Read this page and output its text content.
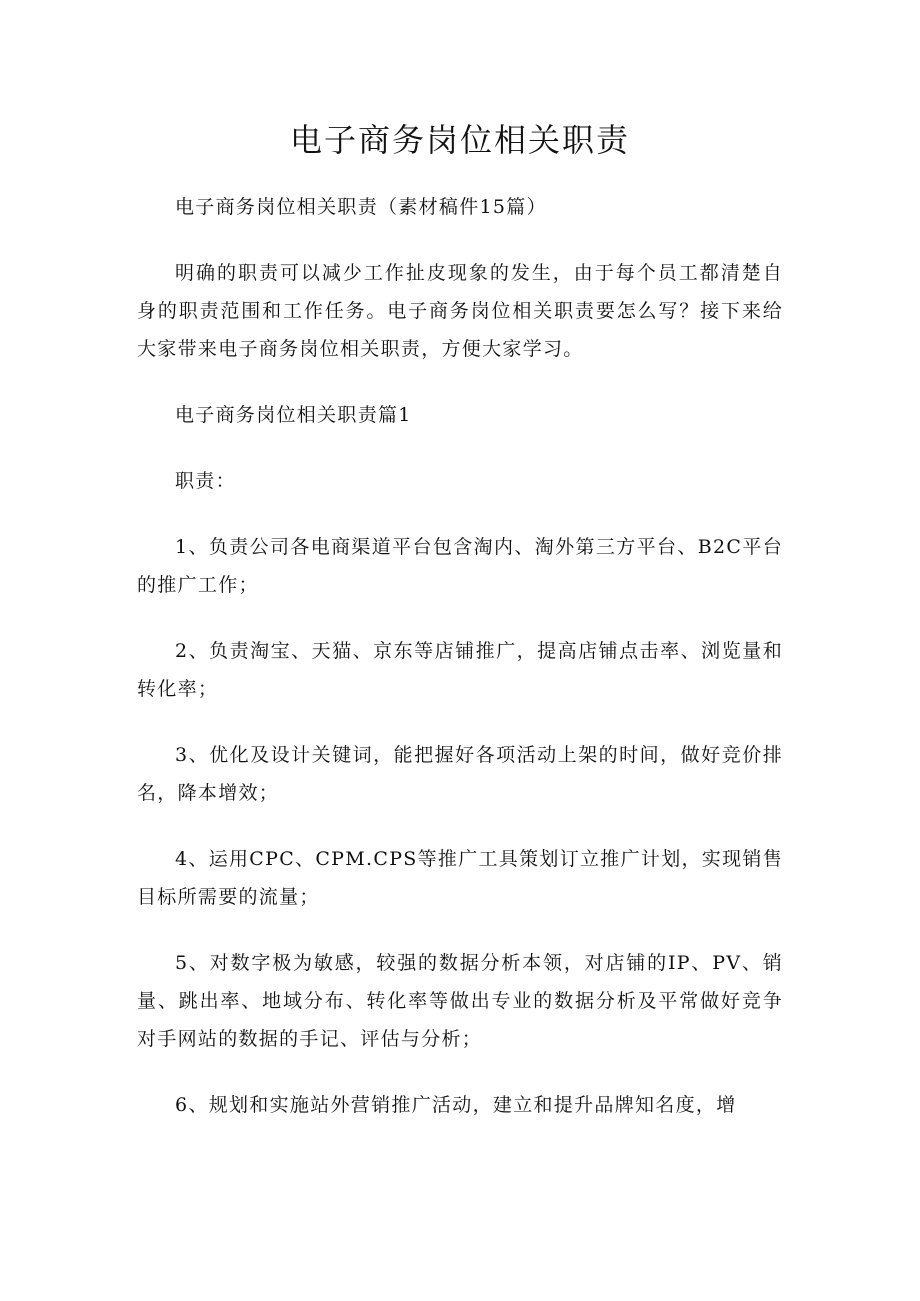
电子商务岗位相关职责

电子商务岗位相关职责（素材稿件15篇）

明确的职责可以减少工作扯皮现象的发生，由于每个员工都清楚自身的职责范围和工作任务。电子商务岗位相关职责要怎么写？接下来给大家带来电子商务岗位相关职责，方便大家学习。

电子商务岗位相关职责篇1

职责：

1、负责公司各电商渠道平台包含淘内、淘外第三方平台、B2C平台的推广工作；

2、负责淘宝、天猫、京东等店铺推广，提高店铺点击率、浏览量和转化率；

3、优化及设计关键词，能把握好各项活动上架的时间，做好竞价排名，降本增效；

4、运用CPC、CPM.CPS等推广工具策划订立推广计划，实现销售目标所需要的流量；

5、对数字极为敏感，较强的数据分析本领，对店铺的IP、PV、销量、跳出率、地域分布、转化率等做出专业的数据分析及平常做好竞争对手网站的数据的手记、评估与分析；

6、规划和实施站外营销推广活动，建立和提升品牌知名度，增
